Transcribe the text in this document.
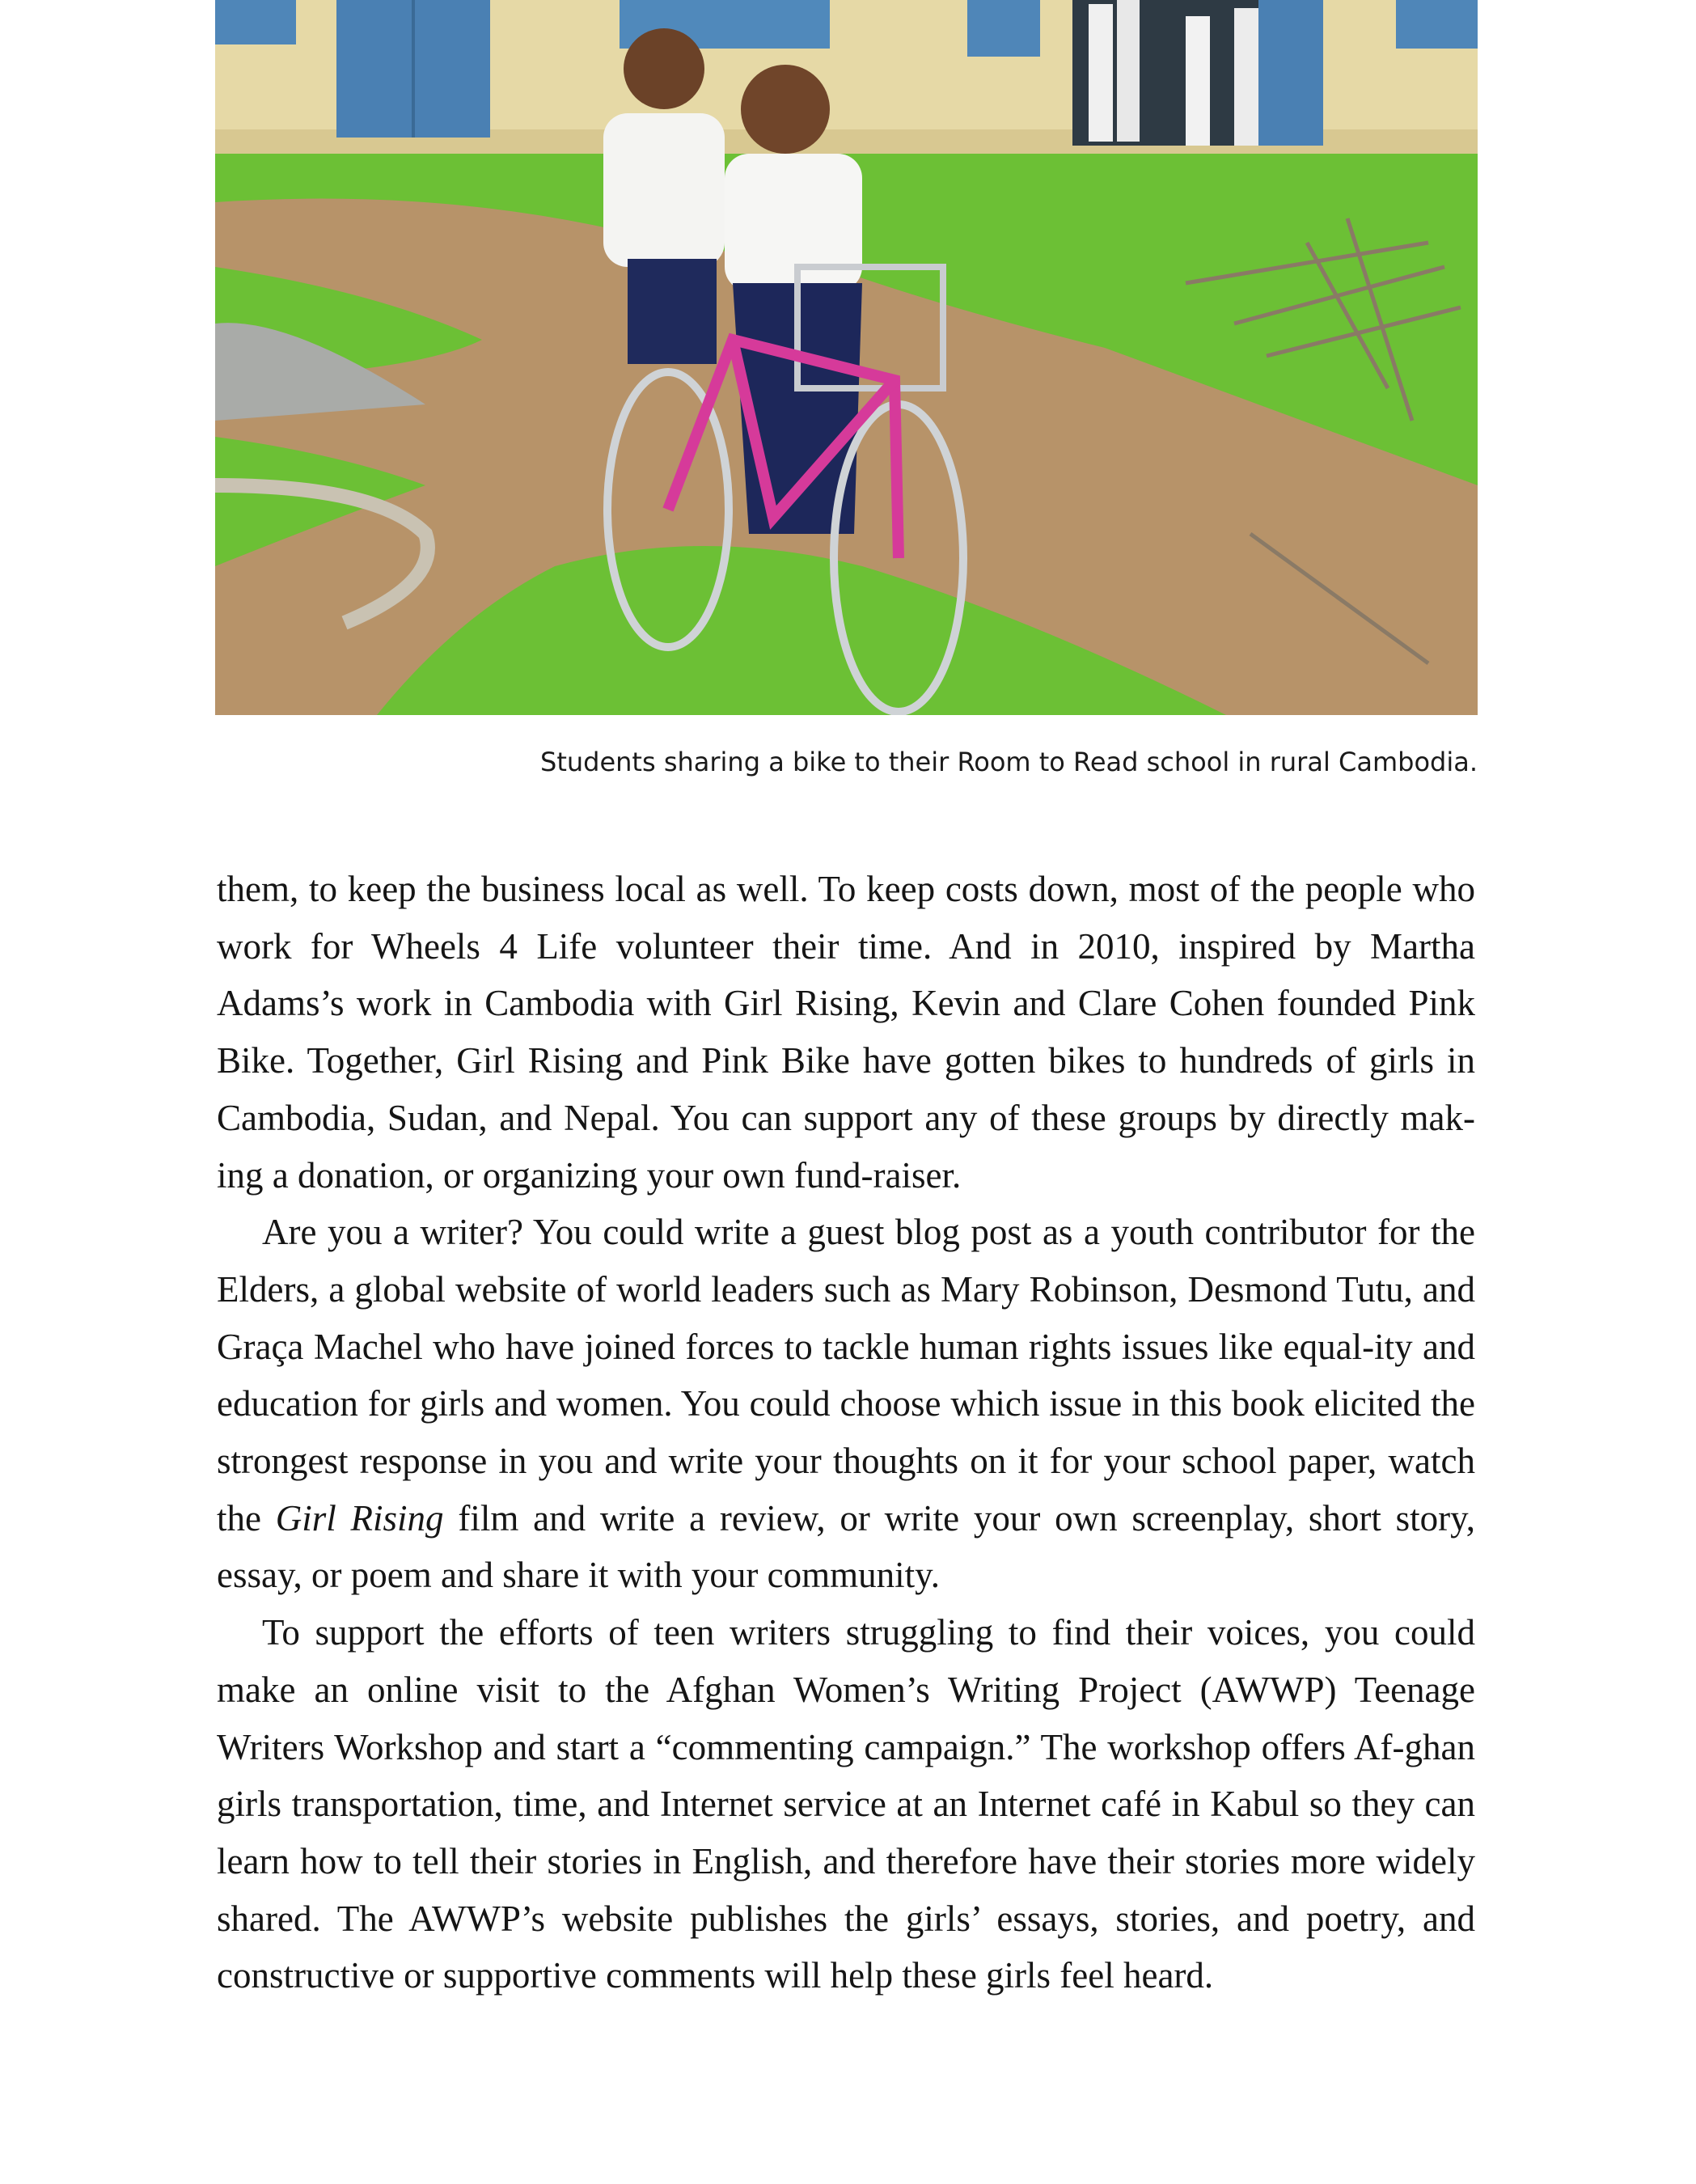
Students sharing a bike to their Room to Read school in rural Cambodia.

them, to keep the business local as well. To keep costs down, most of the people who work for Wheels 4 Life volunteer their time. And in 2010, inspired by Martha Adams’s work in Cambodia with Girl Rising, Kevin and Clare Cohen founded Pink Bike. Together, Girl Rising and Pink Bike have gotten bikes to hundreds of girls in Cambodia, Sudan, and Nepal. You can support any of these groups by directly mak-ing a donation, or organizing your own fund-raiser.

Are you a writer? You could write a guest blog post as a youth contributor for the Elders, a global website of world leaders such as Mary Robinson, Desmond Tutu, and Graça Machel who have joined forces to tackle human rights issues like equal-ity and education for girls and women. You could choose which issue in this book elicited the strongest response in you and write your thoughts on it for your school paper, watch the Girl Rising film and write a review, or write your own screenplay, short story, essay, or poem and share it with your community.

To support the efforts of teen writers struggling to find their voices, you could make an online visit to the Afghan Women’s Writing Project (AWWP) Teenage Writers Workshop and start a “commenting campaign.” The workshop offers Af-ghan girls transportation, time, and Internet service at an Internet café in Kabul so they can learn how to tell their stories in English, and therefore have their stories more widely shared. The AWWP’s website publishes the girls’ essays, stories, and poetry, and constructive or supportive comments will help these girls feel heard.
